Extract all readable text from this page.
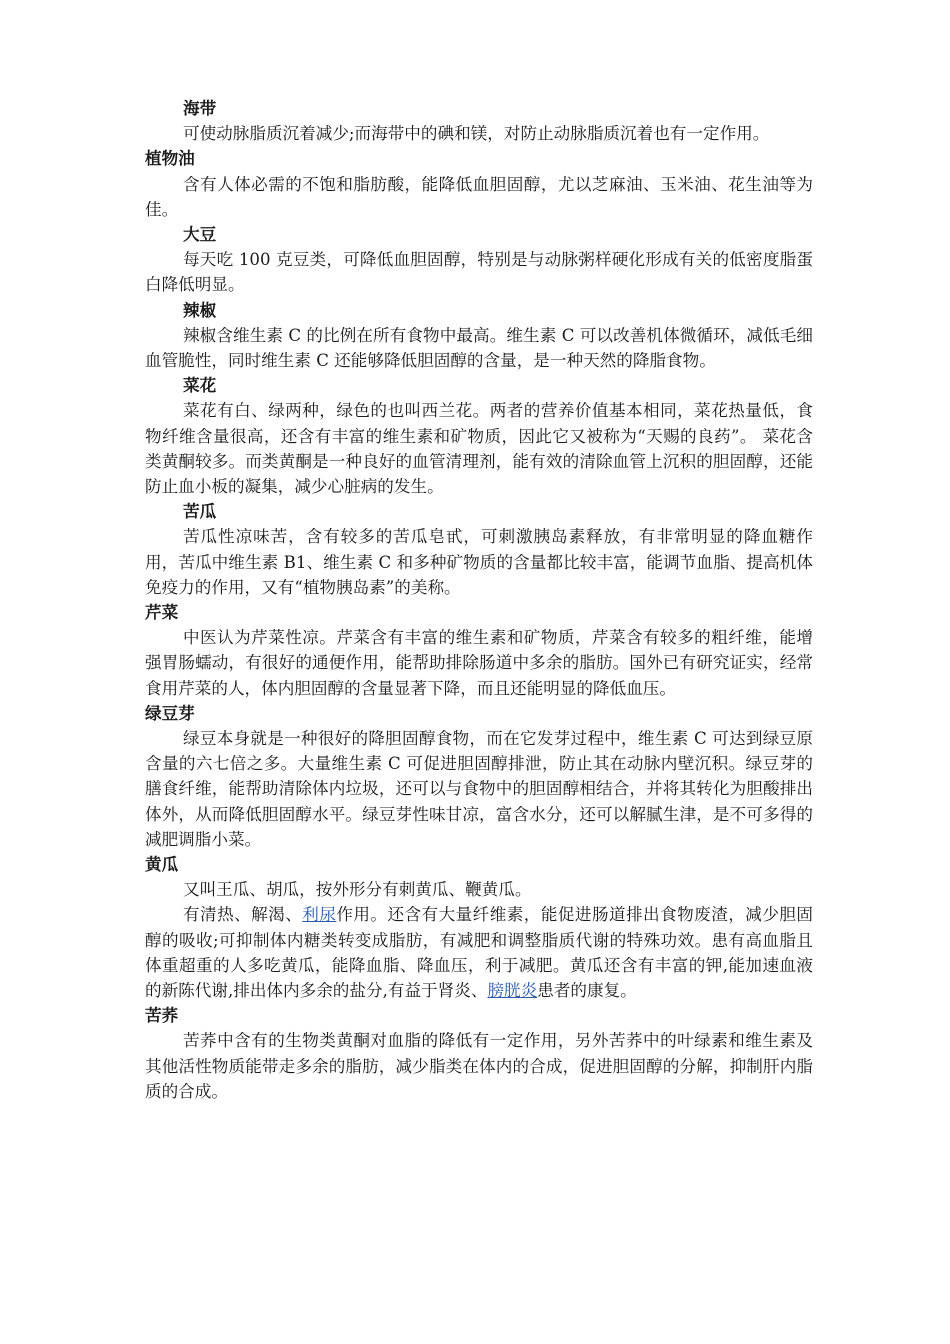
海带

可使动脉脂质沉着减少;而海带中的碘和镁，对防止动脉脂质沉着也有一定作用。

植物油

含有人体必需的不饱和脂肪酸，能降低血胆固醇，尤以芝麻油、玉米油、花生油等为佳。

大豆

每天吃 100 克豆类，可降低血胆固醇，特别是与动脉粥样硬化形成有关的低密度脂蛋白降低明显。

辣椒

辣椒含维生素 C 的比例在所有食物中最高。维生素 C 可以改善机体微循环，减低毛细血管脆性，同时维生素 C 还能够降低胆固醇的含量，是一种天然的降脂食物。

菜花

菜花有白、绿两种，绿色的也叫西兰花。两者的营养价值基本相同，菜花热量低，食物纤维含量很高，还含有丰富的维生素和矿物质，因此它又被称为“天赐的良药”。 菜花含类黄酮较多。而类黄酮是一种良好的血管清理剂，能有效的清除血管上沉积的胆固醇，还能防止血小板的凝集，减少心脏病的发生。

苦瓜

苦瓜性凉味苦，含有较多的苦瓜皂甙，可刺激胰岛素释放，有非常明显的降血糖作用，苦瓜中维生素 B1、维生素 C 和多种矿物质的含量都比较丰富，能调节血脂、提高机体免疫力的作用，又有“植物胰岛素”的美称。

芹菜

中医认为芹菜性凉。芹菜含有丰富的维生素和矿物质，芹菜含有较多的粗纤维，能增强胃肠蠕动，有很好的通便作用，能帮助排除肠道中多余的脂肪。国外已有研究证实，经常食用芹菜的人，体内胆固醇的含量显著下降，而且还能明显的降低血压。

绿豆芽

绿豆本身就是一种很好的降胆固醇食物，而在它发芽过程中，维生素 C 可达到绿豆原含量的六七倍之多。大量维生素 C 可促进胆固醇排泄，防止其在动脉内壁沉积。绿豆芽的膳食纤维，能帮助清除体内垃圾，还可以与食物中的胆固醇相结合，并将其转化为胆酸排出体外，从而降低胆固醇水平。绿豆芽性味甘凉，富含水分，还可以解腻生津，是不可多得的减肥调脂小菜。

黄瓜

又叫王瓜、胡瓜，按外形分有刺黄瓜、鞭黄瓜。

有清热、解渴、利尿作用。还含有大量纤维素，能促进肠道排出食物废渣，减少胆固醇的吸收;可抑制体内糖类转变成脂肪，有减肥和调整脂质代谢的特殊功效。患有高血脂且体重超重的人多吃黄瓜，能降血脂、降血压，利于减肥。黄瓜还含有丰富的钾,能加速血液的新陈代谢,排出体内多余的盐分,有益于肾炎、膀胱炎患者的康复。

苦荞

苦荞中含有的生物类黄酮对血脂的降低有一定作用，另外苦荞中的叶绿素和维生素及其他活性物质能带走多余的脂肪，减少脂类在体内的合成，促进胆固醇的分解，抑制肝内脂质的合成。
